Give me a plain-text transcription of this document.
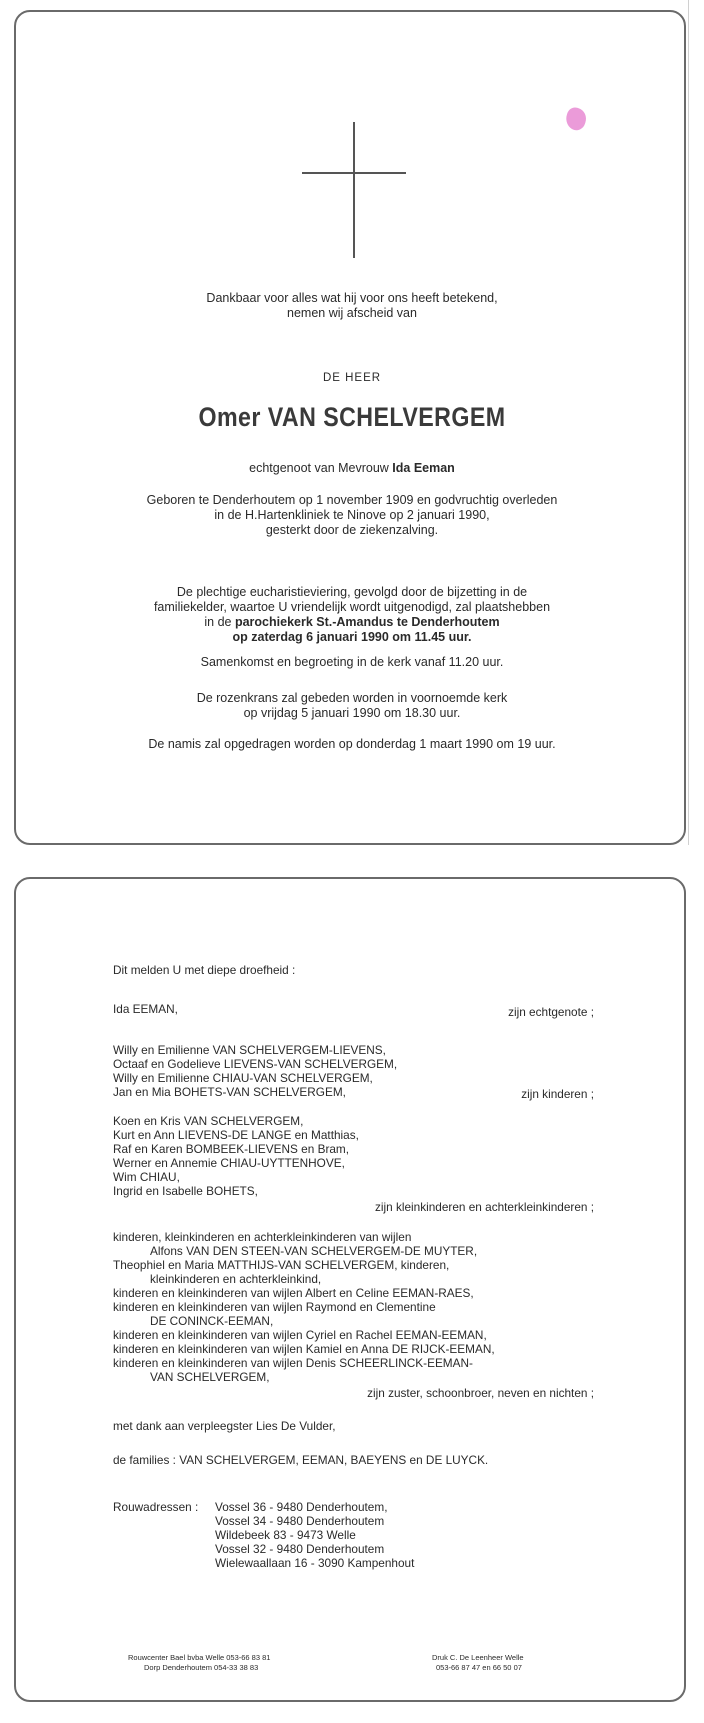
Dankbaar voor alles wat hij voor ons heeft betekend,

nemen wij afscheid van

DE HEER

Omer VAN SCHELVERGEM

echtgenoot van Mevrouw Ida Eeman

Geboren te Denderhoutem op 1 november 1909 en godvruchtig overleden

in de H.Hartenkliniek te Ninove op 2 januari 1990,

gesterkt door de ziekenzalving.

De plechtige eucharistieviering, gevolgd door de bijzetting in de

familiekelder, waartoe U vriendelijk wordt uitgenodigd, zal plaatshebben

in de parochiekerk St.-Amandus te Denderhoutem

op zaterdag 6 januari 1990 om 11.45 uur.

Samenkomst en begroeting in de kerk vanaf 11.20 uur.

De rozenkrans zal gebeden worden in voornoemde kerk

op vrijdag 5 januari 1990 om 18.30 uur.

De namis zal opgedragen worden op donderdag 1 maart 1990 om 19 uur.

Dit melden U met diepe droefheid :

Ida EEMAN,	zijn echtgenote ;

Willy en Emilienne VAN SCHELVERGEM-LIEVENS,

Octaaf en Godelieve LIEVENS-VAN SCHELVERGEM,

Willy en Emilienne CHIAU-VAN SCHELVERGEM,

Jan en Mia BOHETS-VAN SCHELVERGEM,	zijn kinderen ;

Koen en Kris VAN SCHELVERGEM,

Kurt en Ann LIEVENS-DE LANGE en Matthias,

Raf en Karen BOMBEEK-LIEVENS en Bram,

Werner en Annemie CHIAU-UYTTENHOVE,

Wim CHIAU,

Ingrid en Isabelle BOHETS,

zijn kleinkinderen en achterkleinkinderen ;

kinderen, kleinkinderen en achterkleinkinderen van wijlen

Alfons VAN DEN STEEN-VAN SCHELVERGEM-DE MUYTER,

Theophiel en Maria MATTHIJS-VAN SCHELVERGEM, kinderen,

kleinkinderen en achterkleinkind,

kinderen en kleinkinderen van wijlen Albert en Celine EEMAN-RAES,

kinderen en kleinkinderen van wijlen Raymond en Clementine

DE CONINCK-EEMAN,

kinderen en kleinkinderen van wijlen Cyriel en Rachel EEMAN-EEMAN,

kinderen en kleinkinderen van wijlen Kamiel en Anna DE RIJCK-EEMAN,

kinderen en kleinkinderen van wijlen Denis SCHEERLINCK-EEMAN-

VAN SCHELVERGEM,

zijn zuster, schoonbroer, neven en nichten ;

met dank aan verpleegster Lies De Vulder,

de families : VAN SCHELVERGEM, EEMAN, BAEYENS en DE LUYCK.

Rouwadressen : Vossel 36 - 9480 Denderhoutem,

Vossel 34 - 9480 Denderhoutem

Wildebeek 83 - 9473 Welle

Vossel 32 - 9480 Denderhoutem

Wielewaallaan 16 - 3090 Kampenhout

Rouwcenter Bael bvba Welle 053-66 83 81

Dorp Denderhoutem 054-33 38 83

Druk C. De Leenheer Welle

053-66 87 47 en 66 50 07
